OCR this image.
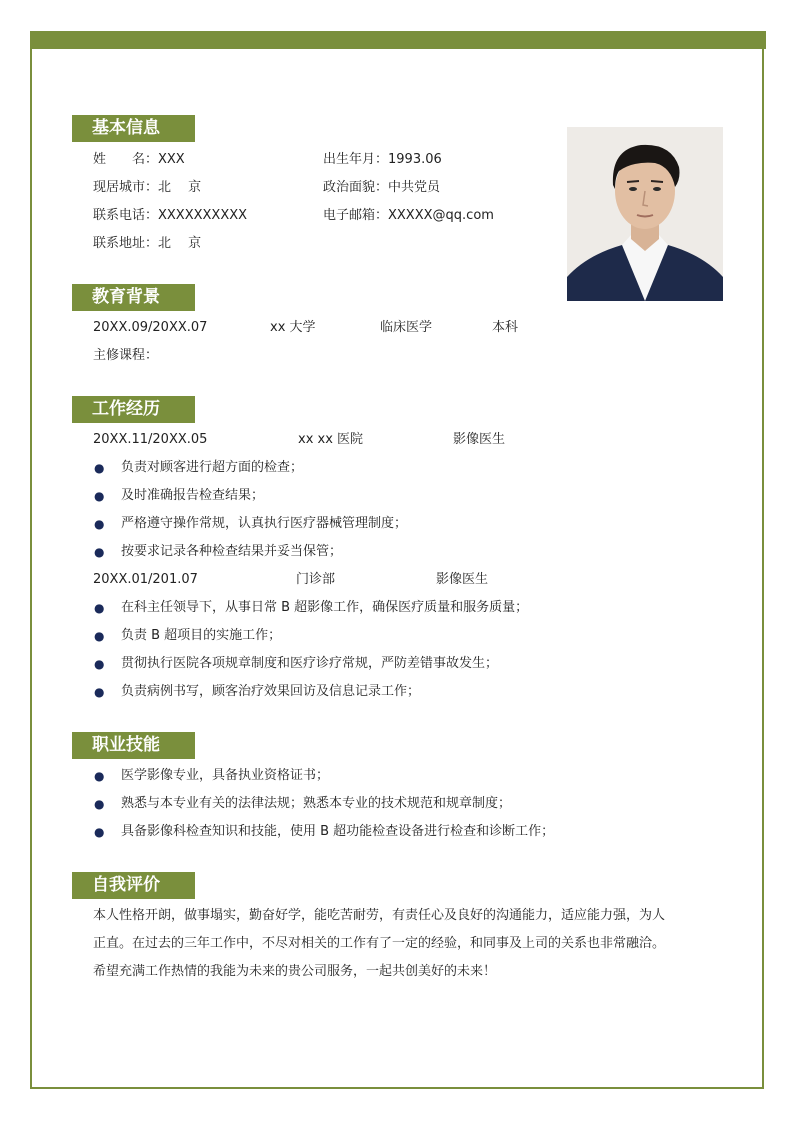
基本信息
姓　　名：XXX	出生年月：1993.06
现居城市：北　 京	政治面貌：中共党员
联系电话：XXXXXXXXXX	电子邮箱：XXXXX@qq.com
联系地址：北　 京
教育背景
20XX.09/20XX.07	xx 大学	临床医学	本科
主修课程：
工作经历
20XX.11/20XX.05	xx xx 医院	影像医生
● 负责对顾客进行超方面的检查；
● 及时准确报告检查结果；
● 严格遵守操作常规，认真执行医疗器械管理制度；
● 按要求记录各种检查结果并妥当保管；
20XX.01/201.07	门诊部	影像医生
● 在科主任领导下，从事日常 B 超影像工作，确保医疗质量和服务质量；
● 负责 B 超项目的实施工作；
● 贯彻执行医院各项规章制度和医疗诊疗常规，严防差错事故发生；
● 负责病例书写，顾客治疗效果回访及信息记录工作；
职业技能
● 医学影像专业，具备执业资格证书；
● 熟悉与本专业有关的法律法规；熟悉本专业的技术规范和规章制度；
● 具备影像科检查知识和技能，使用 B 超功能检查设备进行检查和诊断工作；
自我评价
本人性格开朗，做事塌实，勤奋好学，能吃苦耐劳，有责任心及良好的沟通能力，适应能力强，为人
正直。在过去的三年工作中，不尽对相关的工作有了一定的经验，和同事及上司的关系也非常融洽。
希望充满工作热情的我能为未来的贵公司服务，一起共创美好的未来！
